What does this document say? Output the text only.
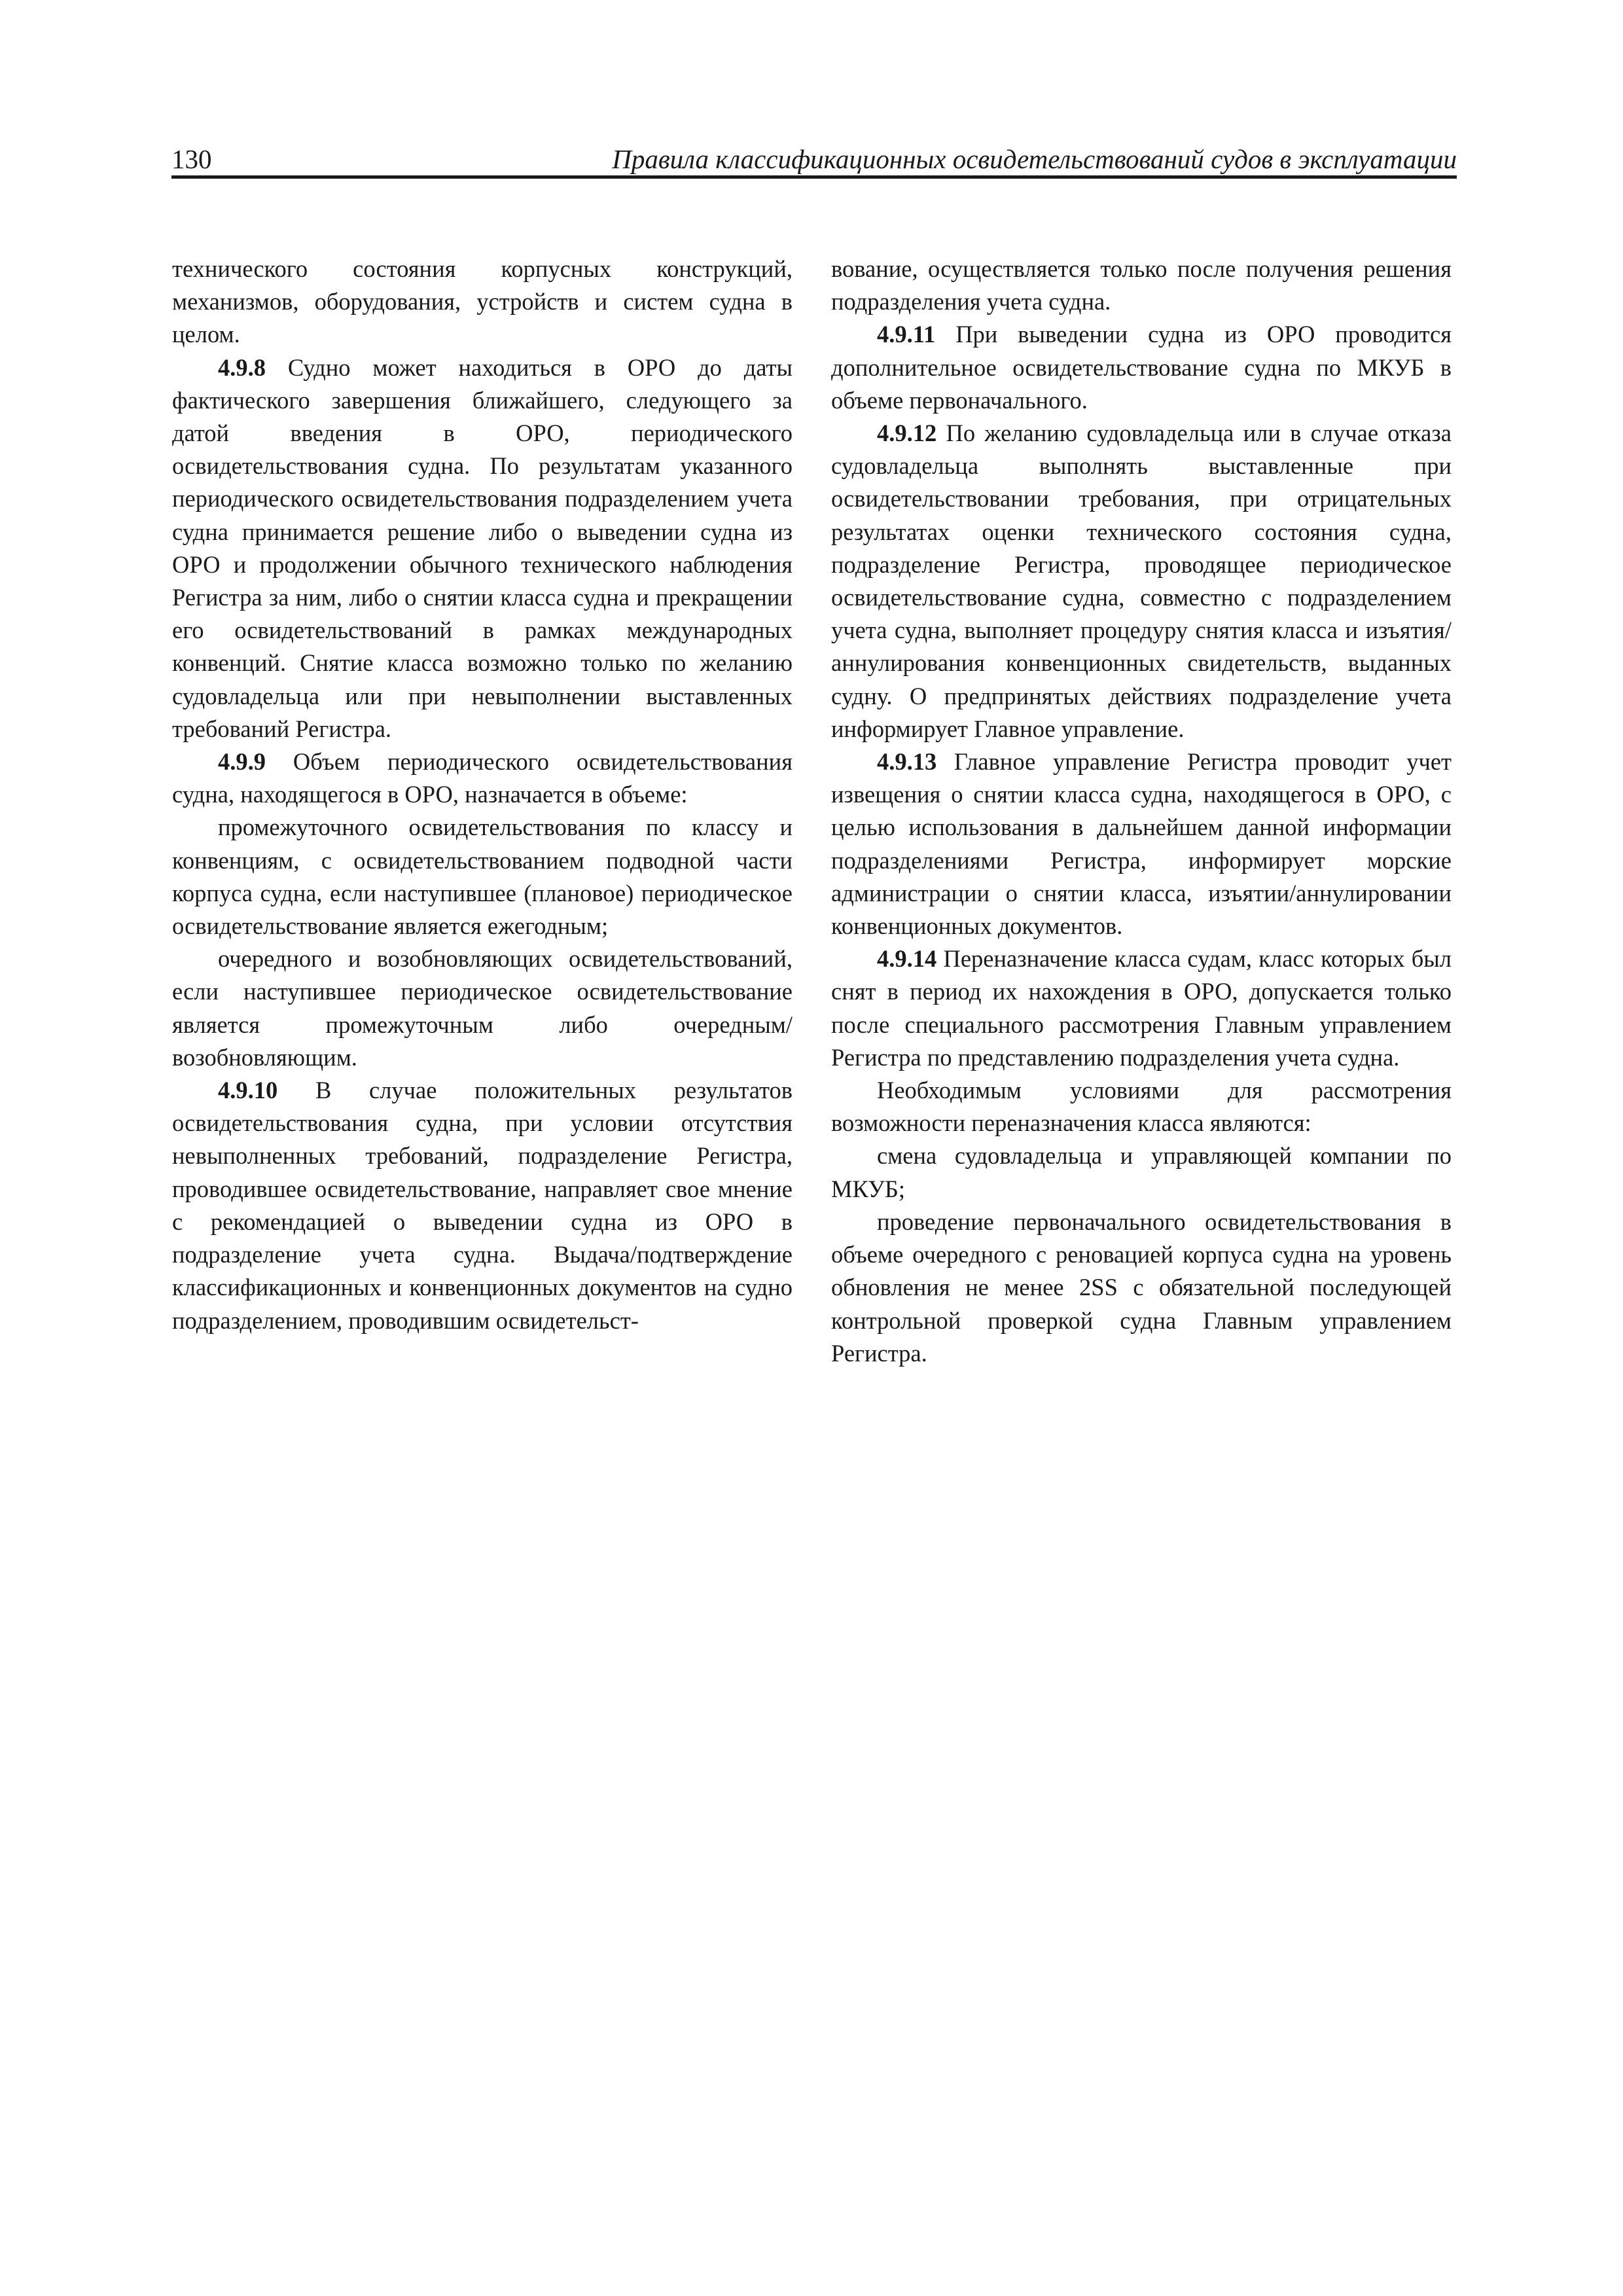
130	Правила классификационных освидетельствований судов в эксплуатации

технического состояния корпусных конструкций, механизмов, оборудования, устройств и систем судна в целом.

4.9.8 Судно может находиться в ОРО до даты фактического завершения ближайшего, следующего за датой введения в ОРО, периодического освидетельствования судна. По результатам указанного периодического освидетельствования подразделением учета судна принимается решение либо о выведении судна из ОРО и продолжении обычного технического наблюдения Регистра за ним, либо о снятии класса судна и прекращении его освидетельствований в рамках международных конвенций. Снятие класса возможно только по желанию судовладельца или при невыполнении выставленных требований Регистра.

4.9.9 Объем периодического освидетельствования судна, находящегося в ОРО, назначается в объеме:

промежуточного освидетельствования по классу и конвенциям, с освидетельствованием подводной части корпуса судна, если наступившее (плановое) периодическое освидетельствование является ежегодным;

очередного и возобновляющих освидетельствований, если наступившее периодическое освидетельствование является промежуточным либо очередным/возобновляющим.

4.9.10 В случае положительных результатов освидетельствования судна, при условии отсутствия невыполненных требований, подразделение Регистра, проводившее освидетельствование, направляет свое мнение с рекомендацией о выведении судна из ОРО в подразделение учета судна. Выдача/подтверждение классификационных и конвенционных документов на судно подразделением, проводившим освидетельст-

вование, осуществляется только после получения решения подразделения учета судна.

4.9.11 При выведении судна из ОРО проводится дополнительное освидетельствование судна по МКУБ в объеме первоначального.

4.9.12 По желанию судовладельца или в случае отказа судовладельца выполнять выставленные при освидетельствовании требования, при отрицательных результатах оценки технического состояния судна, подразделение Регистра, проводящее периодическое освидетельствование судна, совместно с подразделением учета судна, выполняет процедуру снятия класса и изъятия/аннулирования конвенционных свидетельств, выданных судну. О предпринятых действиях подразделение учета информирует Главное управление.

4.9.13 Главное управление Регистра проводит учет извещения о снятии класса судна, находящегося в ОРО, с целью использования в дальнейшем данной информации подразделениями Регистра, информирует морские администрации о снятии класса, изъятии/аннулировании конвенционных документов.

4.9.14 Переназначение класса судам, класс которых был снят в период их нахождения в ОРО, допускается только после специального рассмотрения Главным управлением Регистра по представлению подразделения учета судна.

Необходимым условиями для рассмотрения возможности переназначения класса являются:

смена судовладельца и управляющей компании по МКУБ;

проведение первоначального освидетельствования в объеме очередного с реновацией корпуса судна на уровень обновления не менее 2SS с обязательной последующей контрольной проверкой судна Главным управлением Регистра.
